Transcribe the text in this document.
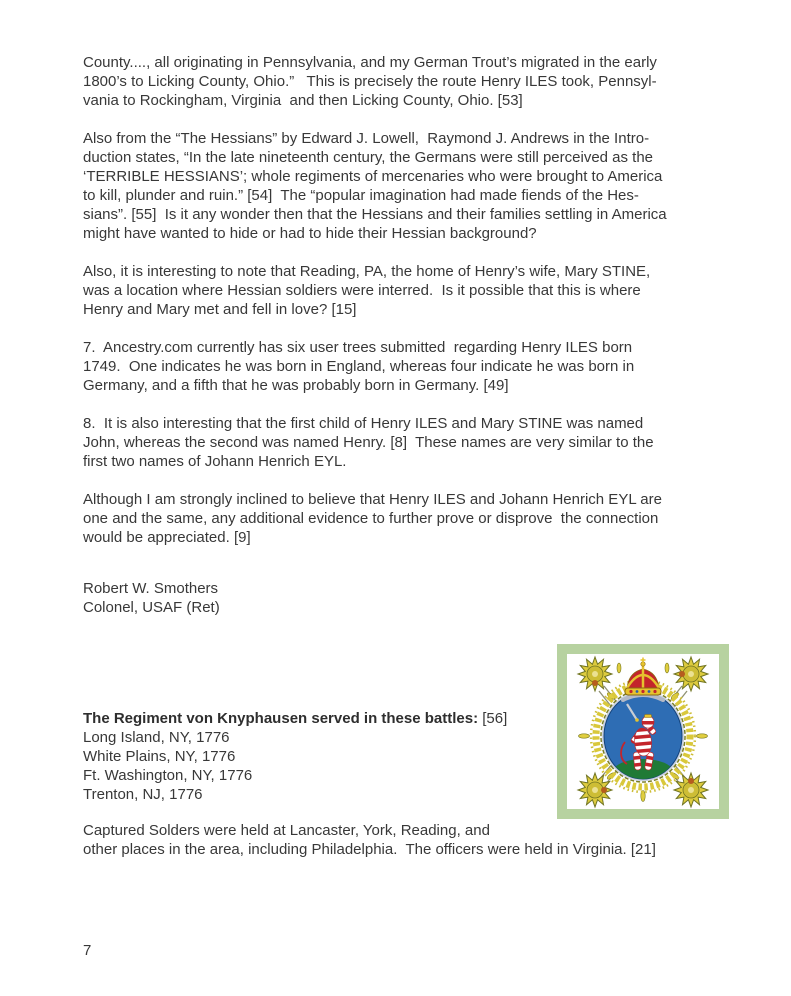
County...., all originating in Pennsylvania, and my German Trout’s migrated in the early
1800’s to Licking County, Ohio.”   This is precisely the route Henry ILES took, Pennsyl-
vania to Rockingham, Virginia  and then Licking County, Ohio. [53]
Also from the “The Hessians” by Edward J. Lowell,  Raymond J. Andrews in the Intro-
duction states, “In the late nineteenth century, the Germans were still perceived as the
‘TERRIBLE HESSIANS’; whole regiments of mercenaries who were brought to America
to kill, plunder and ruin.” [54]  The “popular imagination had made fiends of the Hes-
sians”. [55]  Is it any wonder then that the Hessians and their families settling in America
might have wanted to hide or had to hide their Hessian background?
Also, it is interesting to note that Reading, PA, the home of Henry’s wife, Mary STINE,
was a location where Hessian soldiers were interred.  Is it possible that this is where
Henry and Mary met and fell in love? [15]
7.  Ancestry.com currently has six user trees submitted  regarding Henry ILES born
1749.  One indicates he was born in England, whereas four indicate he was born in
Germany, and a fifth that he was probably born in Germany. [49]
8.  It is also interesting that the first child of Henry ILES and Mary STINE was named
John, whereas the second was named Henry. [8]  These names are very similar to the
first two names of Johann Henrich EYL.
Although I am strongly inclined to believe that Henry ILES and Johann Henrich EYL are
one and the same, any additional evidence to further prove or disprove  the connection
would be appreciated. [9]
Robert W. Smothers
Colonel, USAF (Ret)
The Regiment von Knyphausen served in these battles: [56]
Long Island, NY, 1776
White Plains, NY, 1776
Ft. Washington, NY, 1776
Trenton, NJ, 1776
Captured Solders were held at Lancaster, York, Reading, and
other places in the area, including Philadelphia.  The officers were held in Virginia. [21]
7
